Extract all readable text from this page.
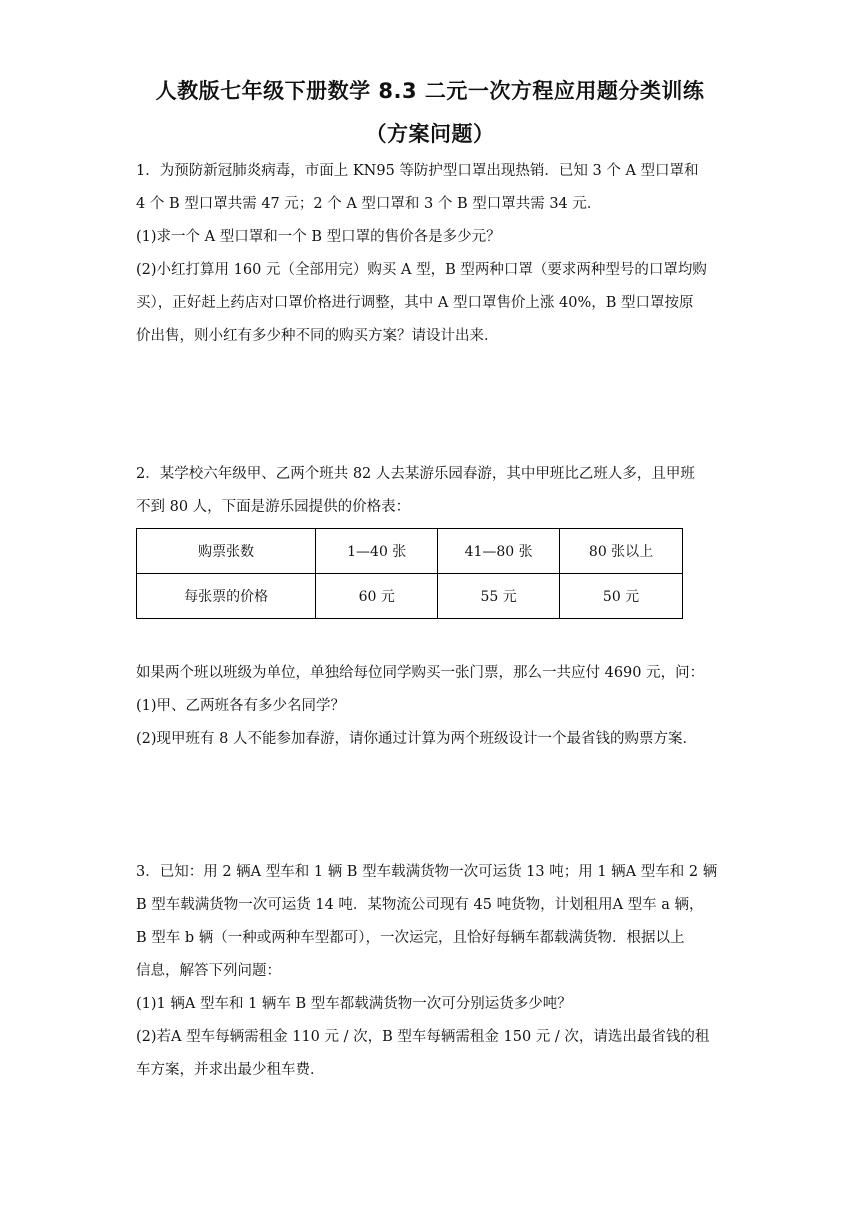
人教版七年级下册数学 8.3 二元一次方程应用题分类训练
（方案问题）

1．为预防新冠肺炎病毒，市面上 KN95 等防护型口罩出现热销．已知 3 个 A 型口罩和

4 个 B 型口罩共需 47 元；2 个 A 型口罩和 3 个 B 型口罩共需 34 元．

(1)求一个 A 型口罩和一个 B 型口罩的售价各是多少元？

(2)小红打算用 160 元（全部用完）购买 A 型，B 型两种口罩（要求两种型号的口罩均购

买），正好赶上药店对口罩价格进行调整，其中 A 型口罩售价上涨 40%，B 型口罩按原

价出售，则小红有多少种不同的购买方案？请设计出来．

2．某学校六年级甲、乙两个班共 82 人去某游乐园春游，其中甲班比乙班人多，且甲班

不到 80 人，下面是游乐园提供的价格表：

购票张数	1—40 张	41—80 张	80 张以上
每张票的价格	60 元	55 元	50 元

如果两个班以班级为单位，单独给每位同学购买一张门票，那么一共应付 4690 元，问：

(1)甲、乙两班各有多少名同学？

(2)现甲班有 8 人不能参加春游，请你通过计算为两个班级设计一个最省钱的购票方案．

3．已知：用 2 辆A 型车和 1 辆 B 型车载满货物一次可运货 13 吨；用 1 辆A 型车和 2 辆

B 型车载满货物一次可运货 14 吨．某物流公司现有 45 吨货物，计划租用A 型车 a 辆，

B 型车 b 辆（一种或两种车型都可），一次运完，且恰好每辆车都载满货物．根据以上

信息，解答下列问题：

(1)1 辆A 型车和 1 辆车 B 型车都载满货物一次可分别运货多少吨？

(2)若A 型车每辆需租金 110 元 / 次，B 型车每辆需租金 150 元 / 次，请选出最省钱的租

车方案，并求出最少租车费．
